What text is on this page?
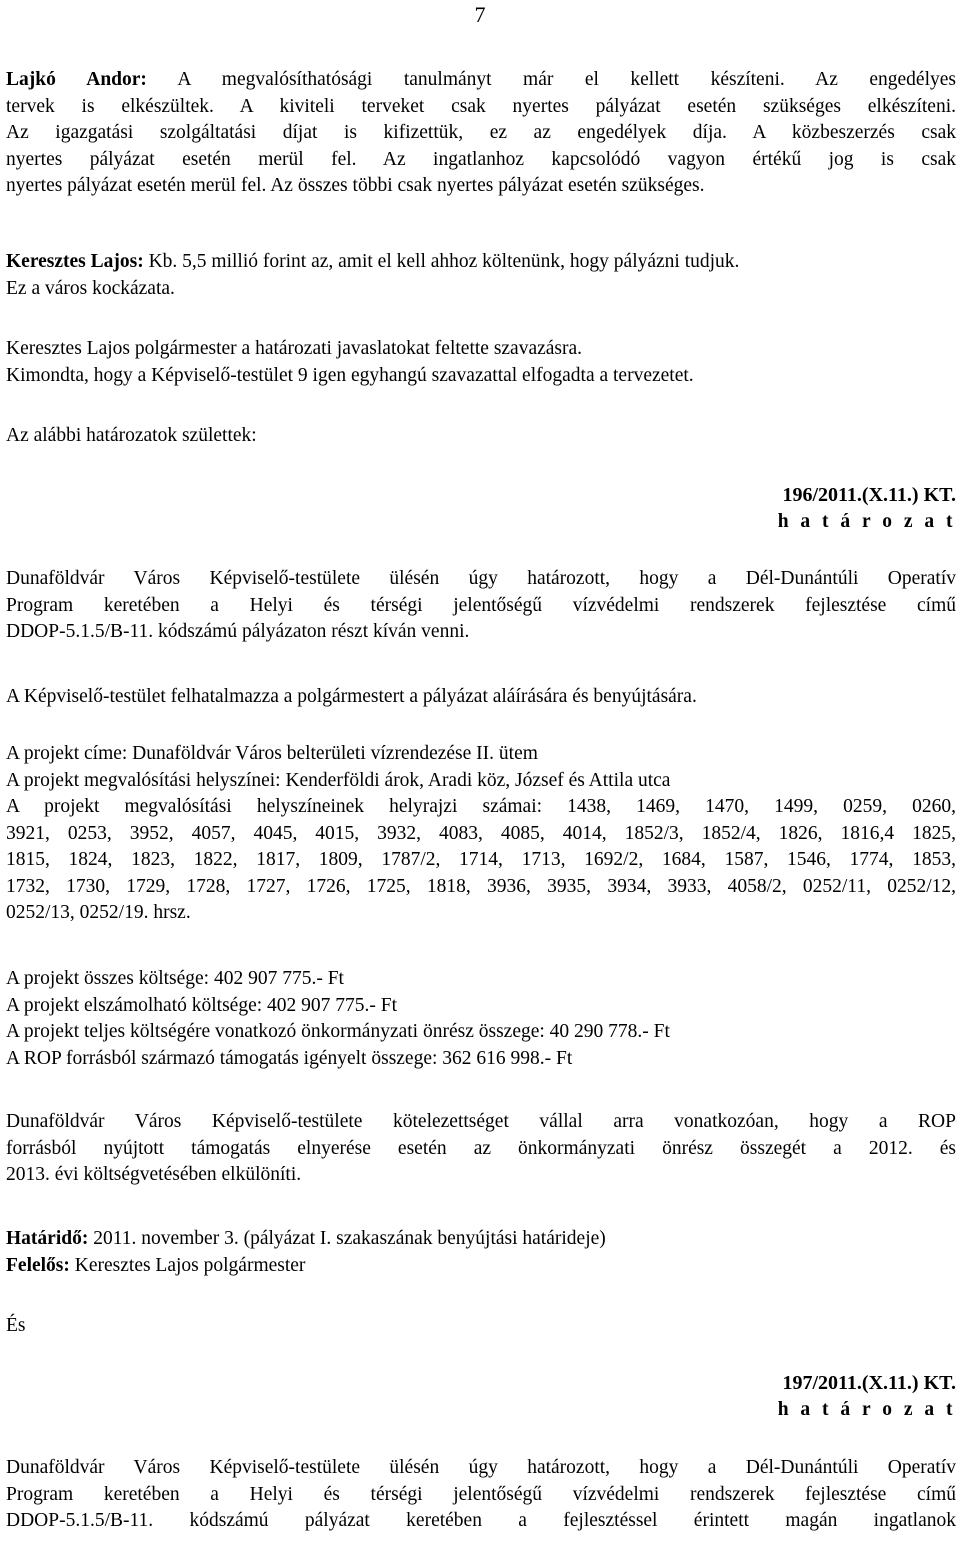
7
Lajkó Andor: A megvalósíthatósági tanulmányt már el kellett készíteni. Az engedélyes
tervek is elkészültek. A kiviteli terveket csak nyertes pályázat esetén szükséges elkészíteni.
Az igazgatási szolgáltatási díjat is kifizettük, ez az engedélyek díja. A közbeszerzés csak
nyertes pályázat esetén merül fel. Az ingatlanhoz kapcsolódó vagyon értékű jog is csak
nyertes pályázat esetén merül fel. Az összes többi csak nyertes pályázat esetén szükséges.
Keresztes Lajos: Kb. 5,5 millió forint az, amit el kell ahhoz költenünk, hogy pályázni tudjuk.
Ez a város kockázata.
Keresztes Lajos polgármester a határozati javaslatokat feltette szavazásra.
Kimondta, hogy a Képviselő-testület 9 igen egyhangú szavazattal elfogadta a tervezetet.
Az alábbi határozatok születtek:
196/2011.(X.11.) KT.
h a t á r o z a t
Dunaföldvár Város Képviselő-testülete ülésén úgy határozott, hogy a Dél-Dunántúli Operatív
Program keretében a Helyi és térségi jelentőségű vízvédelmi rendszerek fejlesztése című
DDOP-5.1.5/B-11. kódszámú pályázaton részt kíván venni.
A Képviselő-testület felhatalmazza a polgármestert a pályázat aláírására és benyújtására.
A projekt címe: Dunaföldvár Város belterületi vízrendezése II. ütem
A projekt megvalósítási helyszínei: Kenderföldi árok, Aradi köz, József és Attila utca
A projekt megvalósítási helyszíneinek helyrajzi számai: 1438, 1469, 1470, 1499, 0259, 0260,
3921, 0253, 3952, 4057, 4045, 4015, 3932, 4083, 4085, 4014, 1852/3, 1852/4, 1826, 1816,4 1825,
1815, 1824, 1823, 1822, 1817, 1809, 1787/2, 1714, 1713, 1692/2, 1684, 1587, 1546, 1774, 1853,
1732, 1730, 1729, 1728, 1727, 1726, 1725, 1818, 3936, 3935, 3934, 3933, 4058/2, 0252/11, 0252/12,
0252/13, 0252/19. hrsz.
A projekt összes költsége: 402 907 775.- Ft
A projekt elszámolható költsége: 402 907 775.- Ft
A projekt teljes költségére vonatkozó önkormányzati önrész összege: 40 290 778.- Ft
A ROP forrásból származó támogatás igényelt összege: 362 616 998.- Ft
Dunaföldvár Város Képviselő-testülete kötelezettséget vállal arra vonatkozóan, hogy a ROP
forrásból nyújtott támogatás elnyerése esetén az önkormányzati önrész összegét a 2012. és
2013. évi költségvetésében elkülöníti.
Határidő: 2011. november 3. (pályázat I. szakaszának benyújtási határideje)
Felelős: Keresztes Lajos polgármester
És
197/2011.(X.11.) KT.
h a t á r o z a t
Dunaföldvár Város Képviselő-testülete ülésén úgy határozott, hogy a Dél-Dunántúli Operatív
Program keretében a Helyi és térségi jelentőségű vízvédelmi rendszerek fejlesztése című
DDOP-5.1.5/B-11. kódszámú pályázat keretében a fejlesztéssel érintett magán ingatlanok
